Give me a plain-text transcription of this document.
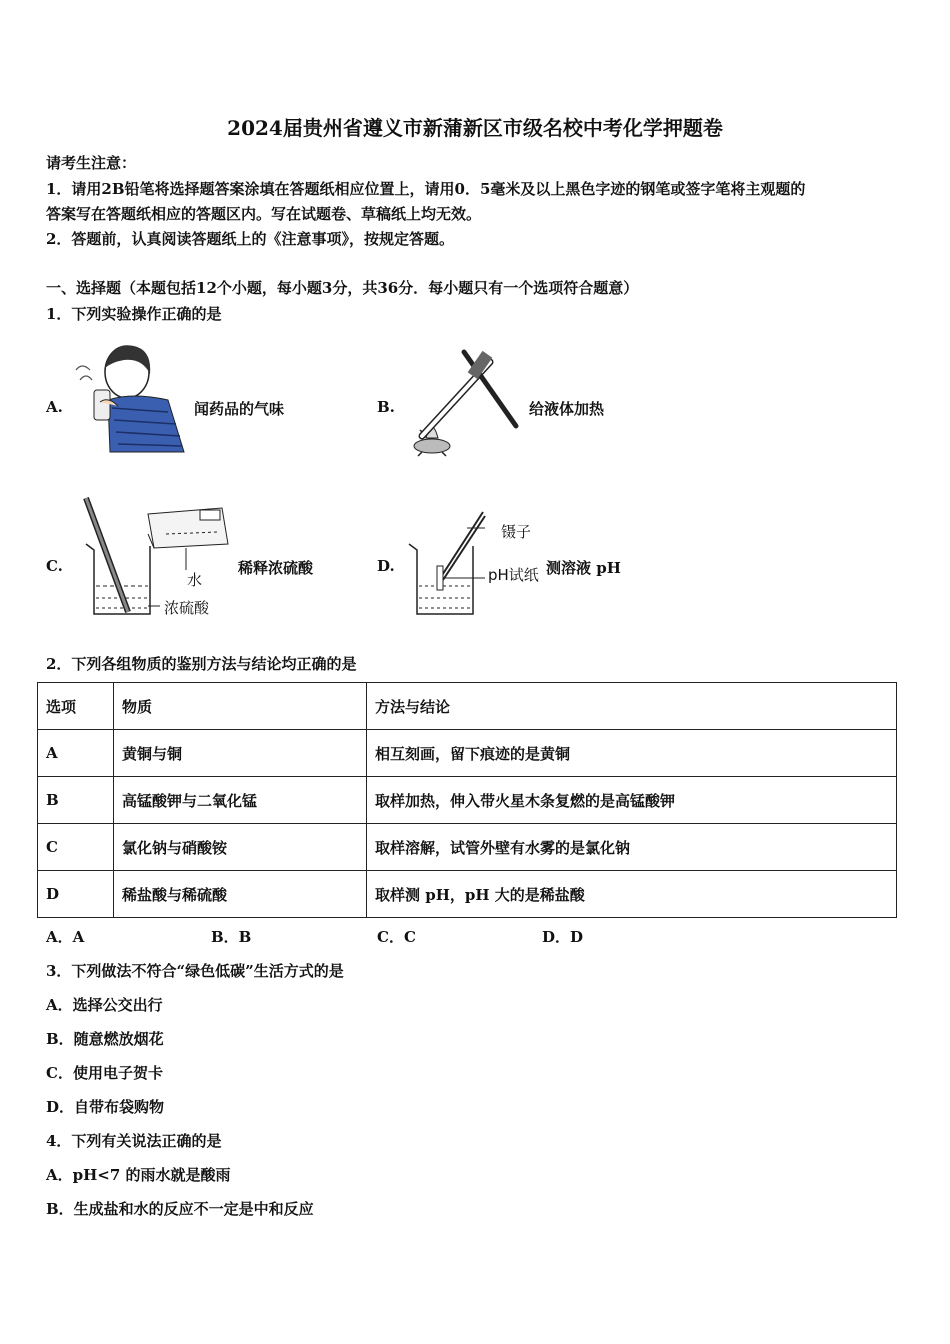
2024届贵州省遵义市新蒲新区市级名校中考化学押题卷
请考生注意：
1．请用2B铅笔将选择题答案涂填在答题纸相应位置上，请用0．5毫米及以上黑色字迹的钢笔或签字笔将主观题的
答案写在答题纸相应的答题区内。写在试题卷、草稿纸上均无效。
2．答题前，认真阅读答题纸上的《注意事项》，按规定答题。
一、选择题（本题包括12个小题，每小题3分，共36分．每小题只有一个选项符合题意）
1．下列实验操作正确的是
A.	闻药品的气味	B.	给液体加热
C.
水
浓硫酸
稀释浓硫酸	D.
镊子
pH试纸 测溶液 pH
2．下列各组物质的鉴别方法与结论均正确的是
选项	物质	方法与结论
A	黄铜与铜	相互刻画，留下痕迹的是黄铜
B	高锰酸钾与二氧化锰	取样加热，伸入带火星木条复燃的是高锰酸钾
C	氯化钠与硝酸铵	取样溶解，试管外壁有水雾的是氯化钠
D	稀盐酸与稀硫酸	取样测 pH，pH 大的是稀盐酸
A．A	B．B	C．C	D．D
3．下列做法不符合“绿色低碳”生活方式的是
A．选择公交出行
B．随意燃放烟花
C．使用电子贺卡
D．自带布袋购物
4．下列有关说法正确的是
A．pH<7 的雨水就是酸雨
B．生成盐和水的反应不一定是中和反应
